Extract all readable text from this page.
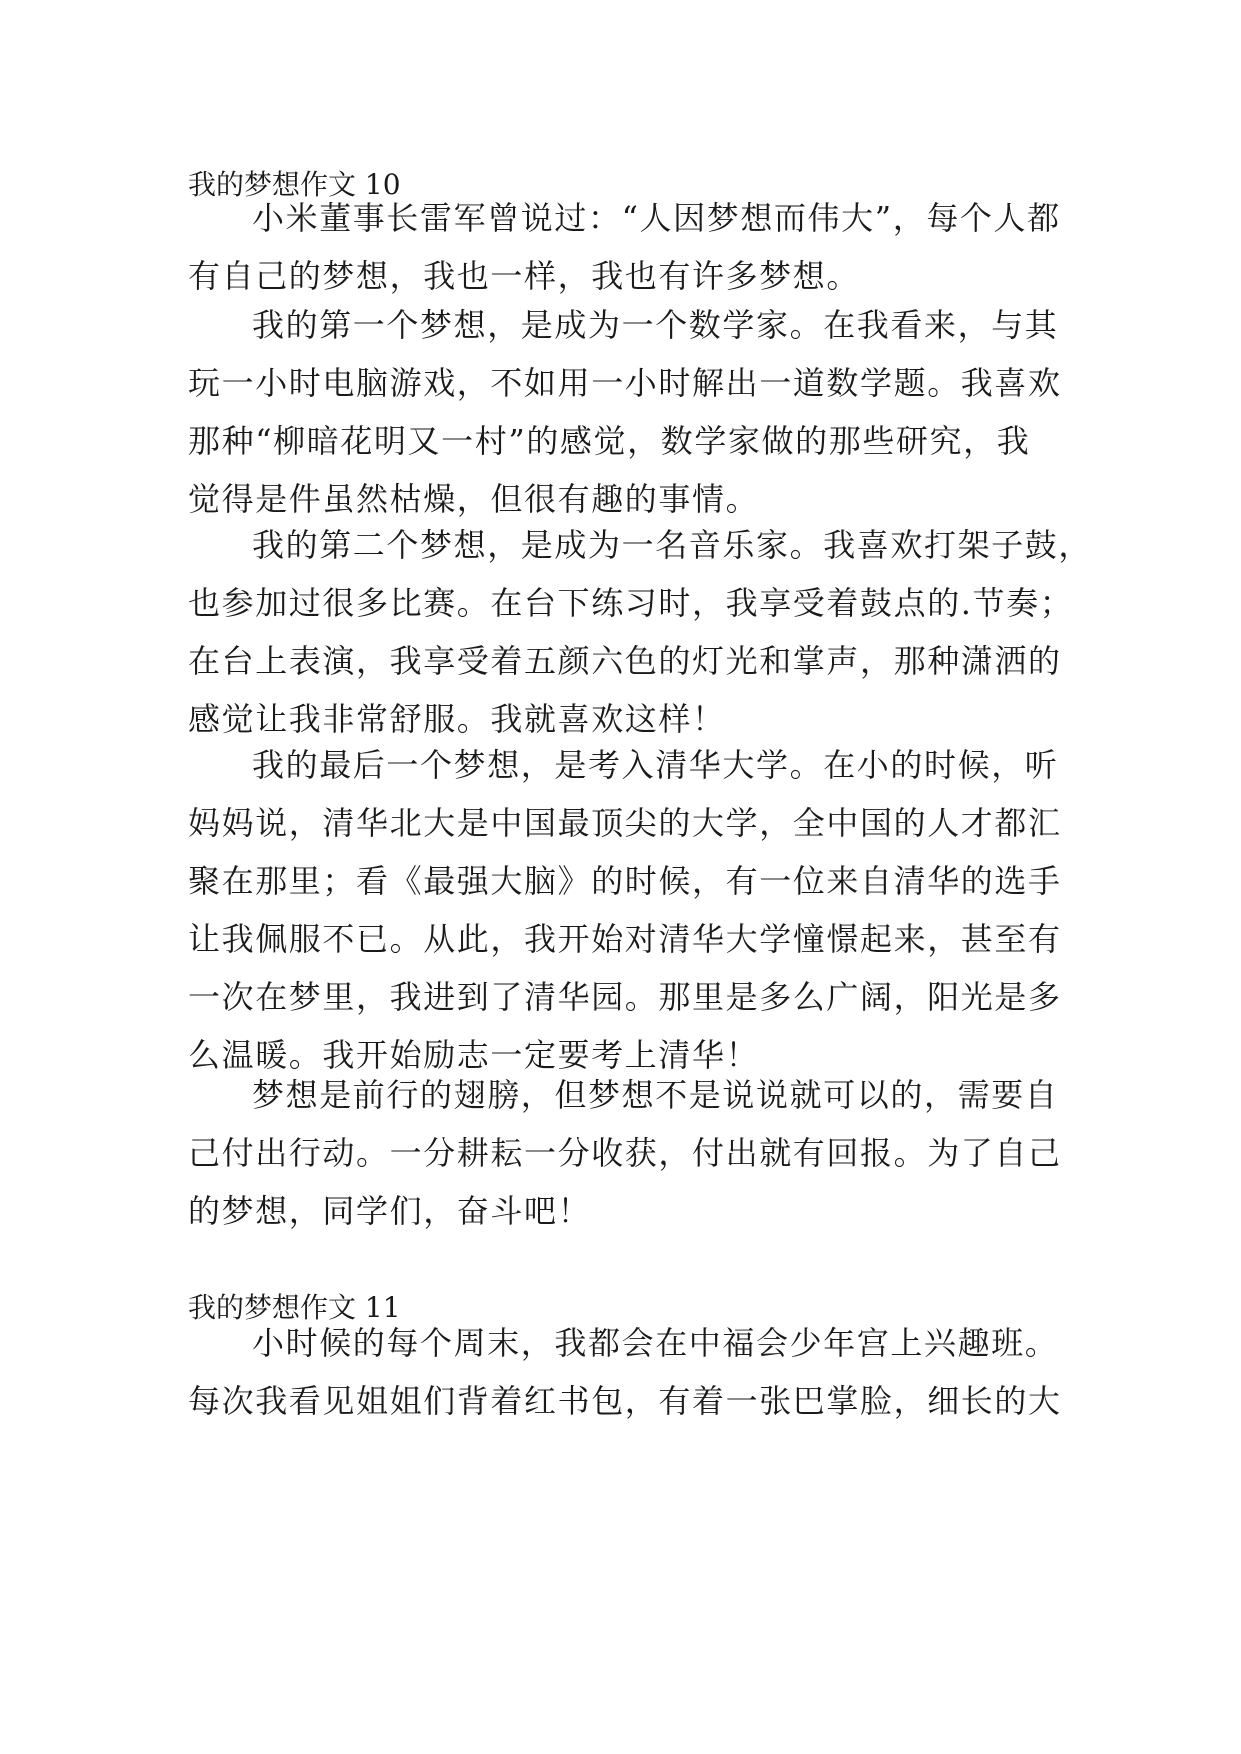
我的梦想作文 10
小米董事长雷军曾说过：“人因梦想而伟大”，每个人都
有自己的梦想，我也一样，我也有许多梦想。
我的第一个梦想，是成为一个数学家。在我看来，与其
玩一小时电脑游戏，不如用一小时解出一道数学题。我喜欢
那种“柳暗花明又一村”的感觉，数学家做的那些研究，我
觉得是件虽然枯燥，但很有趣的事情。
我的第二个梦想，是成为一名音乐家。我喜欢打架子鼓，
也参加过很多比赛。在台下练习时，我享受着鼓点的.节奏；
在台上表演，我享受着五颜六色的灯光和掌声，那种潇洒的
感觉让我非常舒服。我就喜欢这样！
我的最后一个梦想，是考入清华大学。在小的时候，听
妈妈说，清华北大是中国最顶尖的大学，全中国的人才都汇
聚在那里；看《最强大脑》的时候，有一位来自清华的选手
让我佩服不已。从此，我开始对清华大学憧憬起来，甚至有
一次在梦里，我进到了清华园。那里是多么广阔，阳光是多
么温暖。我开始励志一定要考上清华！
梦想是前行的翅膀，但梦想不是说说就可以的，需要自
己付出行动。一分耕耘一分收获，付出就有回报。为了自己
的梦想，同学们，奋斗吧！
我的梦想作文 11
小时候的每个周末，我都会在中福会少年宫上兴趣班。
每次我看见姐姐们背着红书包，有着一张巴掌脸，细长的大
